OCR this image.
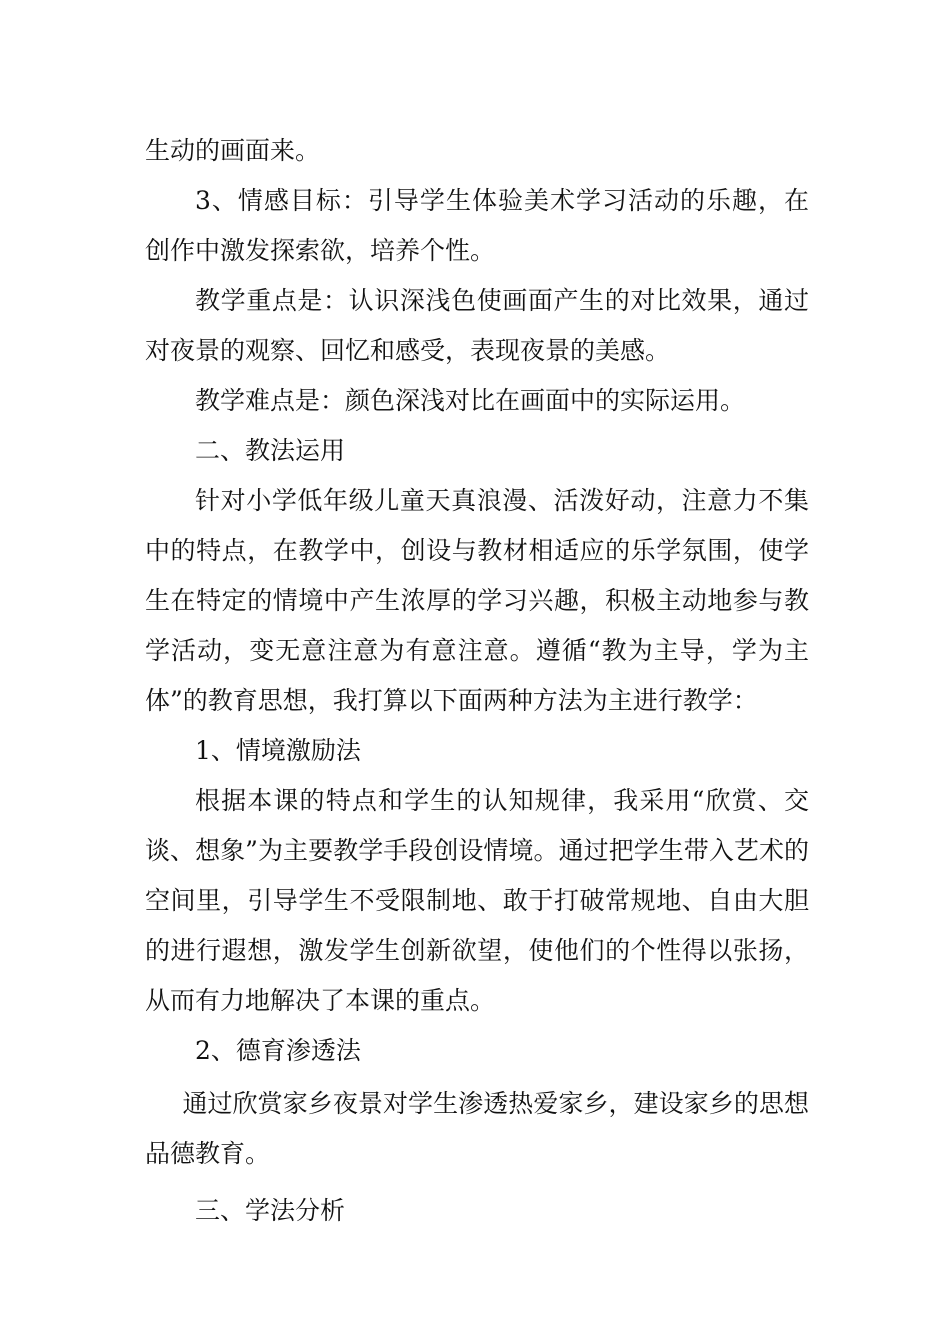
生动的画面来。

3、情感目标：引导学生体验美术学习活动的乐趣，在创作中激发探索欲，培养个性。

教学重点是：认识深浅色使画面产生的对比效果，通过对夜景的观察、回忆和感受，表现夜景的美感。

教学难点是：颜色深浅对比在画面中的实际运用。

二、教法运用

针对小学低年级儿童天真浪漫、活泼好动，注意力不集中的特点，在教学中，创设与教材相适应的乐学氛围，使学生在特定的情境中产生浓厚的学习兴趣，积极主动地参与教学活动，变无意注意为有意注意。遵循“教为主导，学为主体”的教育思想，我打算以下面两种方法为主进行教学：

1、情境激励法

根据本课的特点和学生的认知规律，我采用“欣赏、交谈、想象”为主要教学手段创设情境。通过把学生带入艺术的空间里，引导学生不受限制地、敢于打破常规地、自由大胆的进行遐想，激发学生创新欲望，使他们的个性得以张扬，从而有力地解决了本课的重点。

2、德育渗透法

通过欣赏家乡夜景对学生渗透热爱家乡，建设家乡的思想品德教育。

三、学法分析
